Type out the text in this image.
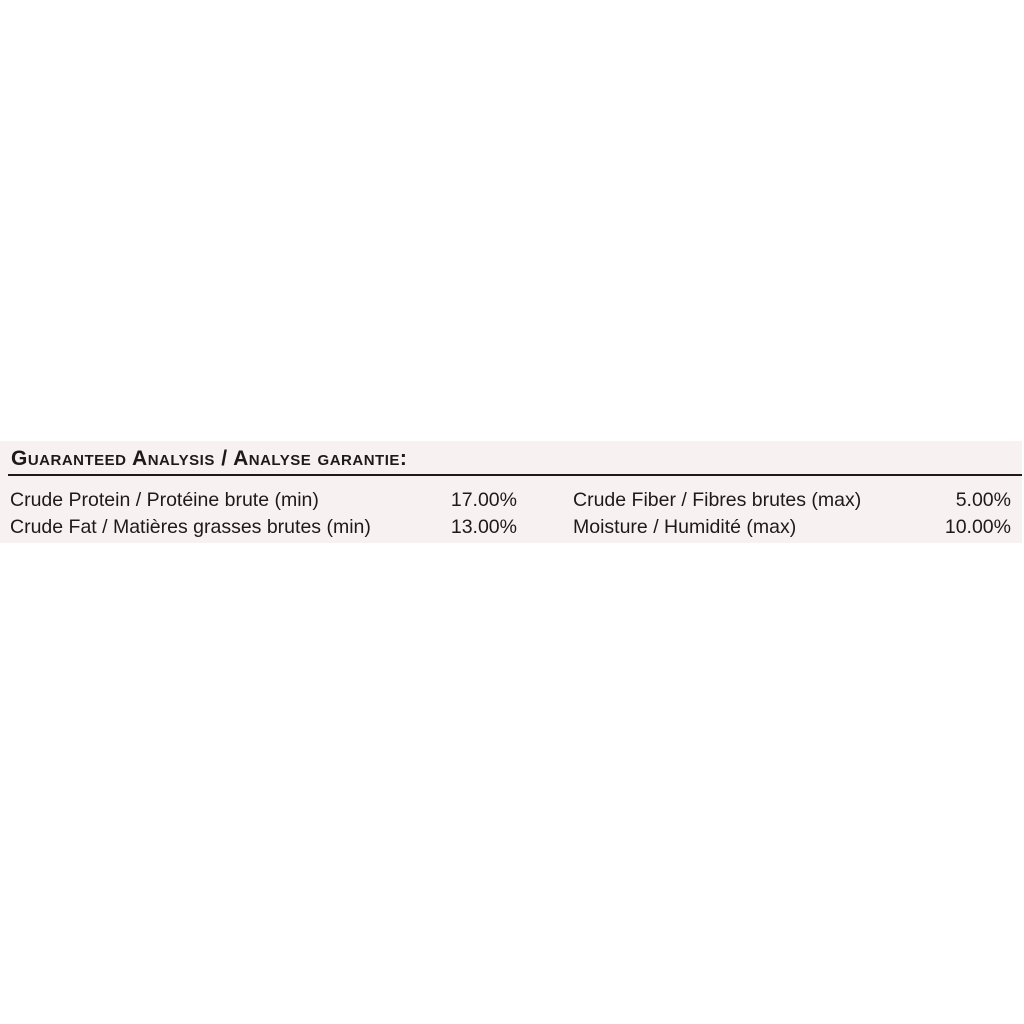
Guaranteed Analysis / Analyse garantie:
Crude Protein / Protéine brute (min)	17.00%
Crude Fat / Matières grasses brutes (min)	13.00%
Crude Fiber / Fibres brutes (max)	5.00%
Moisture / Humidité (max)	10.00%
